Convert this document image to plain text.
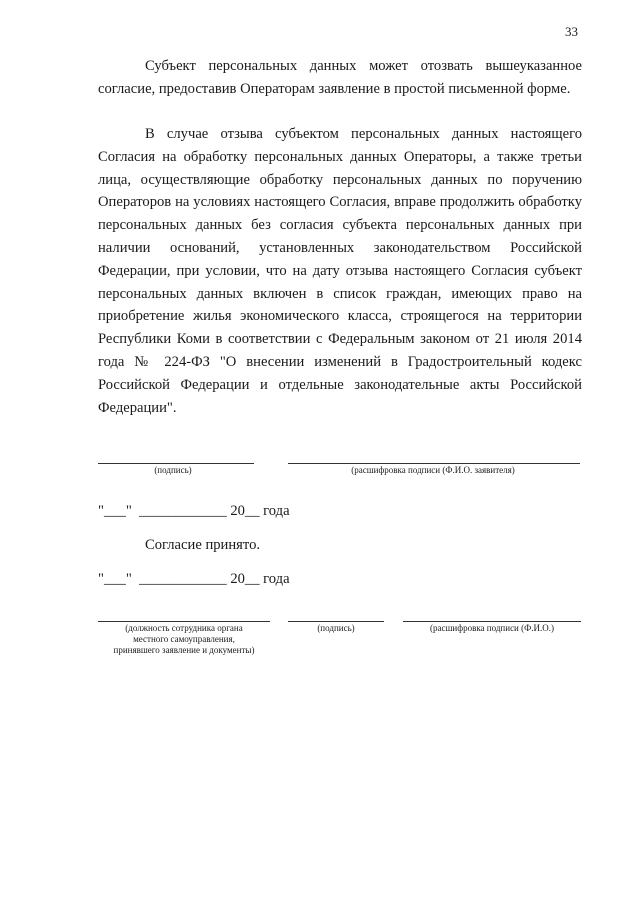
33

Субъект персональных данных может отозвать вышеуказанное согласие, предоставив Операторам заявление в простой письменной форме.

В случае отзыва субъектом персональных данных настоящего Согласия на обработку персональных данных Операторы, а также третьи лица, осуществляющие обработку персональных данных по поручению Операторов на условиях настоящего Согласия, вправе продолжить обработку персональных данных без согласия субъекта персональных данных при наличии оснований, установленных законодательством Российской Федерации, при условии, что на дату отзыва настоящего Согласия субъект персональных данных включен в список граждан, имеющих право на приобретение жилья экономического класса, строящегося на территории Республики Коми в соответствии с Федеральным законом от 21 июля 2014 года № 224-ФЗ "О внесении изменений в Градостроительный кодекс Российской Федерации и отдельные законодательные акты Российской Федерации".

(подпись)	(расшифровка подписи (Ф.И.О. заявителя)
"___"  ____________ 20__ года
Согласие принято.
"___"  ____________ 20__ года
(должность сотрудника органа
местного самоуправления,
принявшего заявление и документы)
(подпись)	(расшифровка подписи (Ф.И.О.)
